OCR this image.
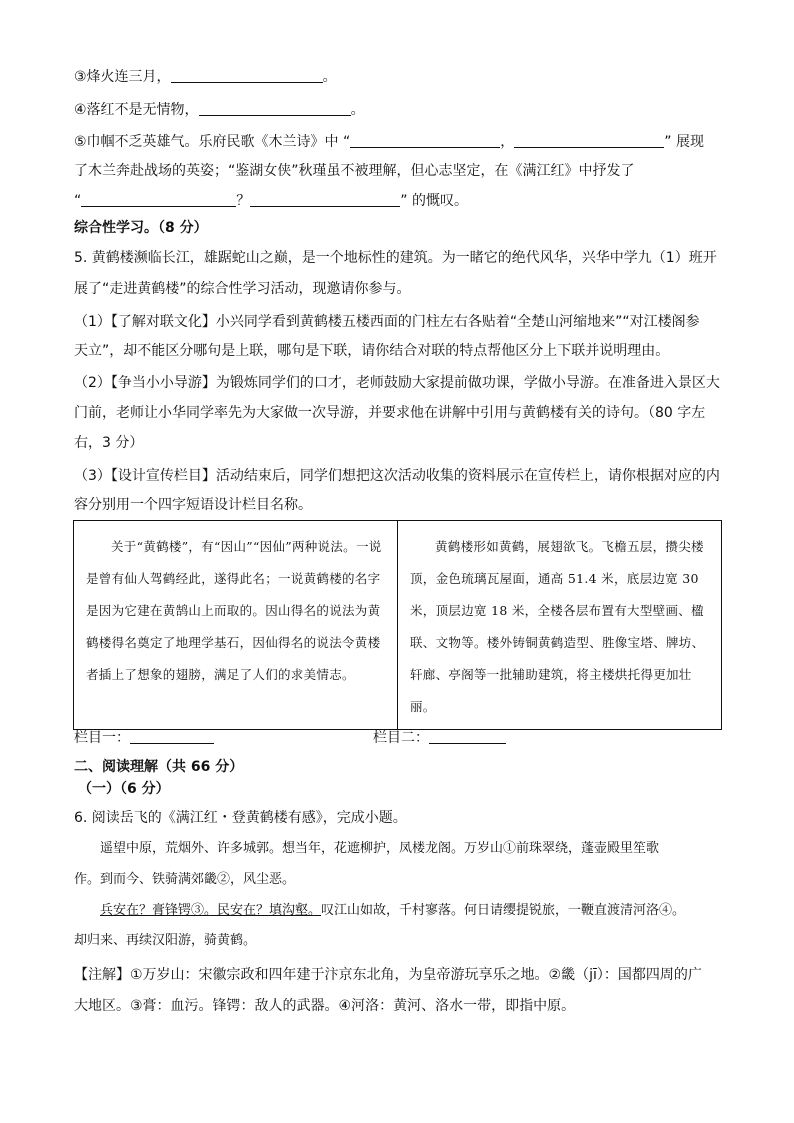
③烽火连三月，	。
④落红不是无情物，	。
⑤巾帼不乏英雄气。乐府民歌《木兰诗》中 “	，	” 展现
了木兰奔赴战场的英姿；“鉴湖女侠”秋瑾虽不被理解，但心志坚定，在《满江红》中抒发了
“	？	” 的慨叹。
综合性学习。（8 分）
5. 黄鹤楼濒临长江，雄踞蛇山之巅，是一个地标性的建筑。为一睹它的绝代风华，兴华中学九（1）班开
展了“走进黄鹤楼”的综合性学习活动，现邀请你参与。
（1）【了解对联文化】小兴同学看到黄鹤楼五楼西面的门柱左右各贴着“全楚山河缩地来”“对江楼阁参
天立”，却不能区分哪句是上联，哪句是下联，请你结合对联的特点帮他区分上下联并说明理由。
（2）【争当小小导游】为锻炼同学们的口才，老师鼓励大家提前做功课，学做小导游。在准备进入景区大
门前，老师让小华同学率先为大家做一次导游，并要求他在讲解中引用与黄鹤楼有关的诗句。（80 字左
右，3 分）
（3）【设计宣传栏目】活动结束后，同学们想把这次活动收集的资料展示在宣传栏上，请你根据对应的内
容分别用一个四字短语设计栏目名称。

关于“黄鹤楼”，有“因山”“因仙”两种说法。一说是曾有仙人驾鹤经此，遂得此名；一说黄鹤楼的名字是因为它建在黄鹄山上而取的。因山得名的说法为黄鹤楼得名奠定了地理学基石，因仙得名的说法令黄楼者插上了想象的翅膀，满足了人们的求美情志。

黄鹤楼形如黄鹤，展翅欲飞。飞檐五层，攒尖楼顶，金色琉璃瓦屋面，通高 51.4 米，底层边宽 30 米，顶层边宽 18 米，全楼各层布置有大型壁画、楹联、文物等。楼外铸铜黄鹤造型、胜像宝塔、牌坊、轩廊、亭阁等一批辅助建筑，将主楼烘托得更加壮丽。

栏目一：	栏目二：
二、阅读理解（共 66 分）
（一）（6 分）
6. 阅读岳飞的《满江红・登黄鹤楼有感》，完成小题。
遥望中原，荒烟外、许多城郭。想当年，花遮柳护，凤楼龙阁。万岁山①前珠翠绕，蓬壶殿里笙歌
作。到而今、铁骑满郊畿②，风尘恶。
兵安在？膏锋锷③。民安在？填沟壑。叹江山如故，千村寥落。何日请缨提锐旅，一鞭直渡清河洛④。
却归来、再续汉阳游，骑黄鹤。
【注解】①万岁山：宋徽宗政和四年建于汴京东北角，为皇帝游玩享乐之地。②畿（jī）：国都四周的广
大地区。③膏：血污。锋锷：敌人的武器。④河洛：黄河、洛水一带，即指中原。
